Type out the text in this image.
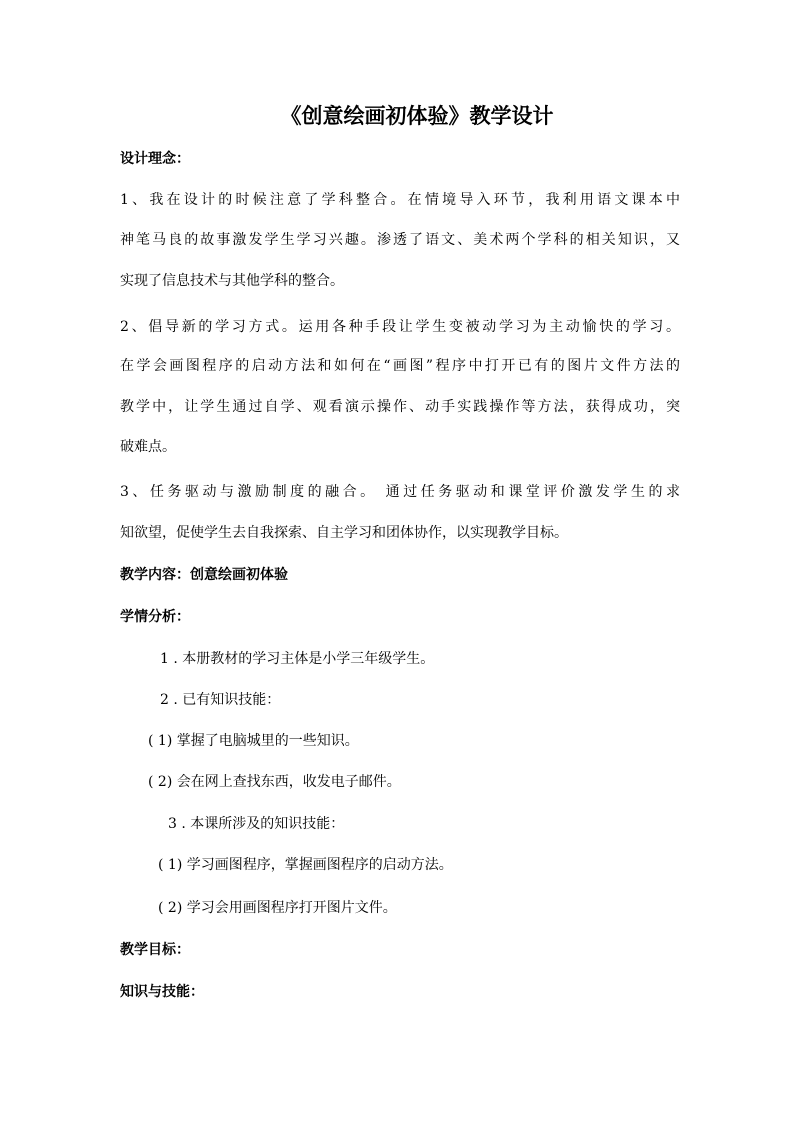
《创意绘画初体验》教学设计
设计理念：
1、我在设计的时候注意了学科整合。在情境导入环节，我利用语文课本中
神笔马良的故事激发学生学习兴趣。渗透了语文、美术两个学科的相关知识，又
实现了信息技术与其他学科的整合。
2、倡导新的学习方式。运用各种手段让学生变被动学习为主动愉快的学习。
在学会画图程序的启动方法和如何在“画图”程序中打开已有的图片文件方法的
教学中，让学生通过自学、观看演示操作、动手实践操作等方法，获得成功，突
破难点。
3、任务驱动与激励制度的融合。 通过任务驱动和课堂评价激发学生的求
知欲望，促使学生去自我探索、自主学习和团体协作，以实现教学目标。
教学内容：创意绘画初体验
学情分析：
1 . 本册教材的学习主体是小学三年级学生。
2 . 已有知识技能：
( 1) 掌握了电脑城里的一些知识。
( 2) 会在网上查找东西，收发电子邮件。
3 . 本课所涉及的知识技能：
( 1) 学习画图程序，掌握画图程序的启动方法。
( 2) 学习会用画图程序打开图片文件。
教学目标：
知识与技能：
